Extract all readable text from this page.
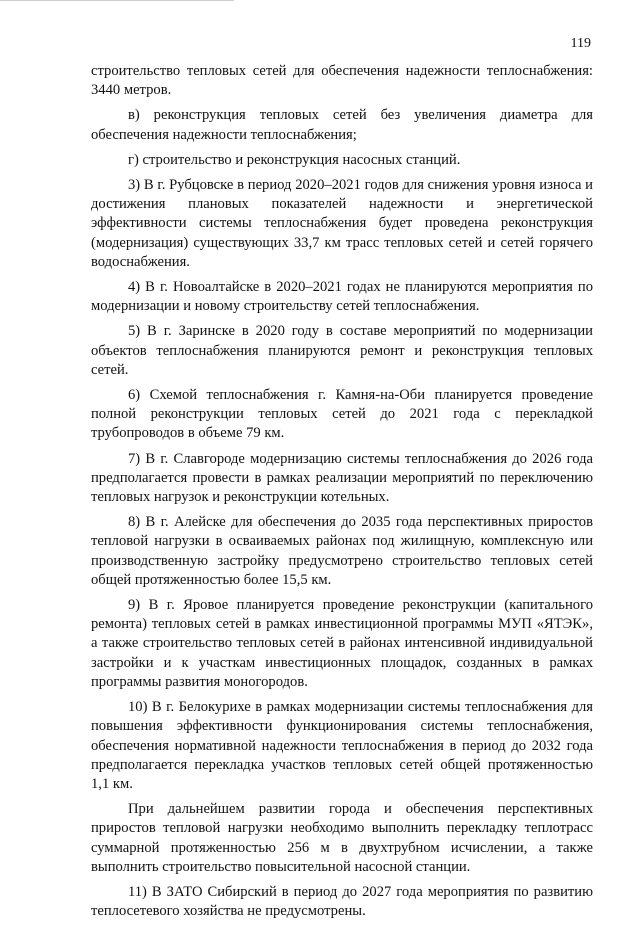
119

строительство тепловых сетей для обеспечения надежности теплоснабжения: 3440 метров.

в) реконструкция тепловых сетей без увеличения диаметра для обеспечения надежности теплоснабжения;

г) строительство и реконструкция насосных станций.

3) В г. Рубцовске в период 2020–2021 годов для снижения уровня износа и достижения плановых показателей надежности и энергетической эффективности системы теплоснабжения будет проведена реконструкция (модернизация) существующих 33,7 км трасс тепловых сетей и сетей горячего водоснабжения.

4) В г. Новоалтайске в 2020–2021 годах не планируются мероприятия по модернизации и новому строительству сетей теплоснабжения.

5) В г. Заринске в 2020 году в составе мероприятий по модернизации объектов теплоснабжения планируются ремонт и реконструкция тепловых сетей.

6) Схемой теплоснабжения г. Камня-на-Оби планируется проведение полной реконструкции тепловых сетей до 2021 года с перекладкой трубопроводов в объеме 79 км.

7) В г. Славгороде модернизацию системы теплоснабжения до 2026 года предполагается провести в рамках реализации мероприятий по переключению тепловых нагрузок и реконструкции котельных.

8) В г. Алейске для обеспечения до 2035 года перспективных приростов тепловой нагрузки в осваиваемых районах под жилищную, комплексную или производственную застройку предусмотрено строительство тепловых сетей общей протяженностью более 15,5 км.

9) В г. Яровое планируется проведение реконструкции (капитального ремонта) тепловых сетей в рамках инвестиционной программы МУП «ЯТЭК», а также строительство тепловых сетей в районах интенсивной индивидуальной застройки и к участкам инвестиционных площадок, созданных в рамках программы развития моногородов.

10) В г. Белокурихе в рамках модернизации системы теплоснабжения для повышения эффективности функционирования системы теплоснабжения, обеспечения нормативной надежности теплоснабжения в период до 2032 года предполагается перекладка участков тепловых сетей общей протяженностью 1,1 км.

При дальнейшем развитии города и обеспечения перспективных приростов тепловой нагрузки необходимо выполнить перекладку теплотрасс суммарной протяженностью 256 м в двухтрубном исчислении, а также выполнить строительство повысительной насосной станции.

11) В ЗАТО Сибирский в период до 2027 года мероприятия по развитию теплосетевого хозяйства не предусмотрены.
